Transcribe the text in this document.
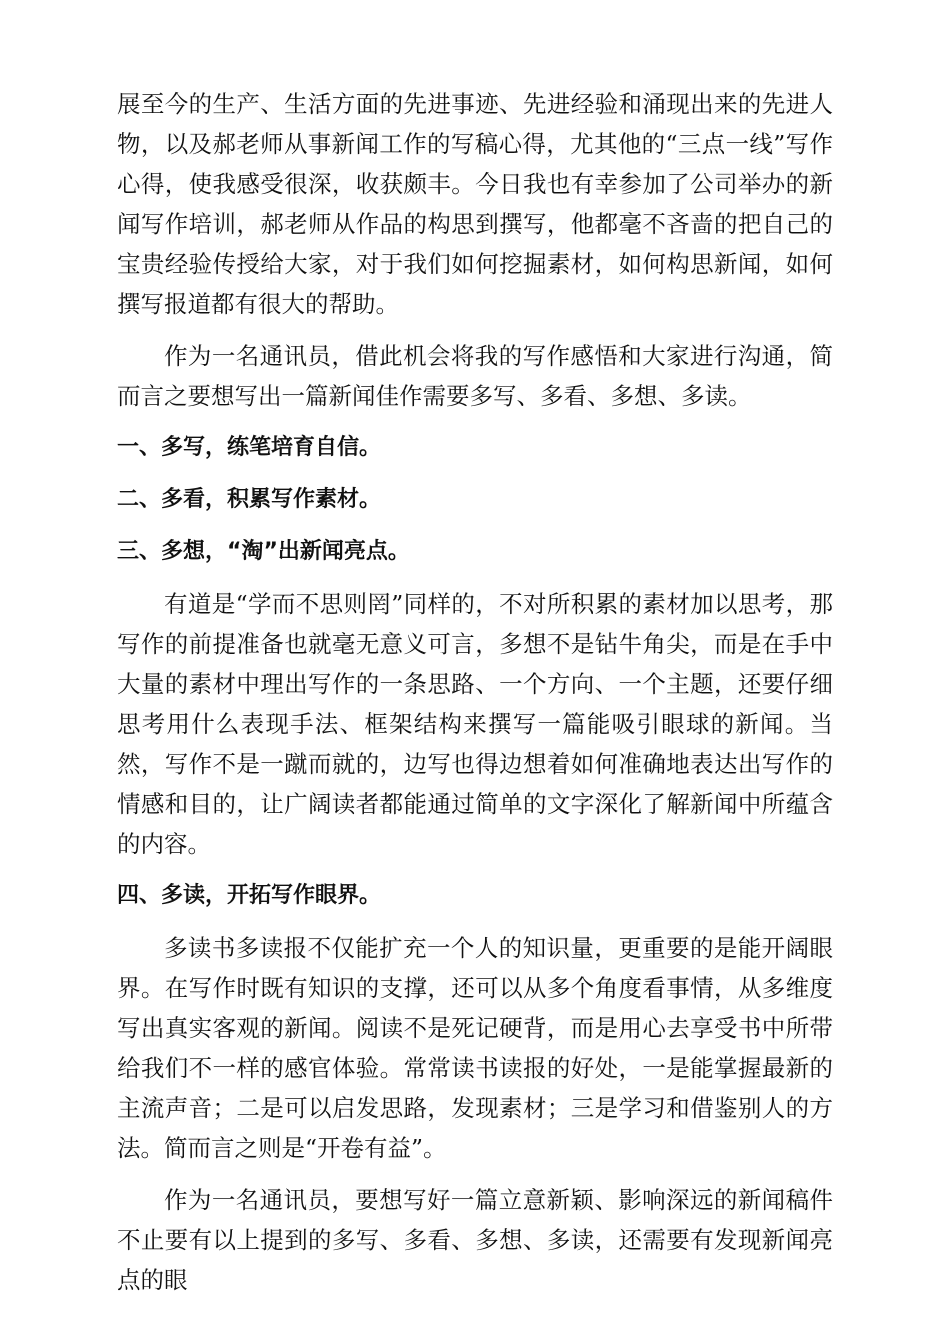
展至今的生产、生活方面的先进事迹、先进经验和涌现出来的先进人物，以及郝老师从事新闻工作的写稿心得，尤其他的“三点一线”写作心得，使我感受很深，收获颇丰。今日我也有幸参加了公司举办的新闻写作培训，郝老师从作品的构思到撰写，他都毫不吝啬的把自己的宝贵经验传授给大家，对于我们如何挖掘素材，如何构思新闻，如何撰写报道都有很大的帮助。

作为一名通讯员，借此机会将我的写作感悟和大家进行沟通，简而言之要想写出一篇新闻佳作需要多写、多看、多想、多读。

一、多写，练笔培育自信。

二、多看，积累写作素材。

三、多想，“淘”出新闻亮点。

有道是“学而不思则罔”同样的，不对所积累的素材加以思考，那写作的前提准备也就毫无意义可言，多想不是钻牛角尖，而是在手中大量的素材中理出写作的一条思路、一个方向、一个主题，还要仔细思考用什么表现手法、框架结构来撰写一篇能吸引眼球的新闻。当然，写作不是一蹴而就的，边写也得边想着如何准确地表达出写作的情感和目的，让广阔读者都能通过简单的文字深化了解新闻中所蕴含的内容。

四、多读，开拓写作眼界。

多读书多读报不仅能扩充一个人的知识量，更重要的是能开阔眼界。在写作时既有知识的支撑，还可以从多个角度看事情，从多维度写出真实客观的新闻。阅读不是死记硬背，而是用心去享受书中所带给我们不一样的感官体验。常常读书读报的好处，一是能掌握最新的主流声音；二是可以启发思路，发现素材；三是学习和借鉴别人的方法。简而言之则是“开卷有益”。

作为一名通讯员，要想写好一篇立意新颖、影响深远的新闻稿件不止要有以上提到的多写、多看、多想、多读，还需要有发现新闻亮点的眼
